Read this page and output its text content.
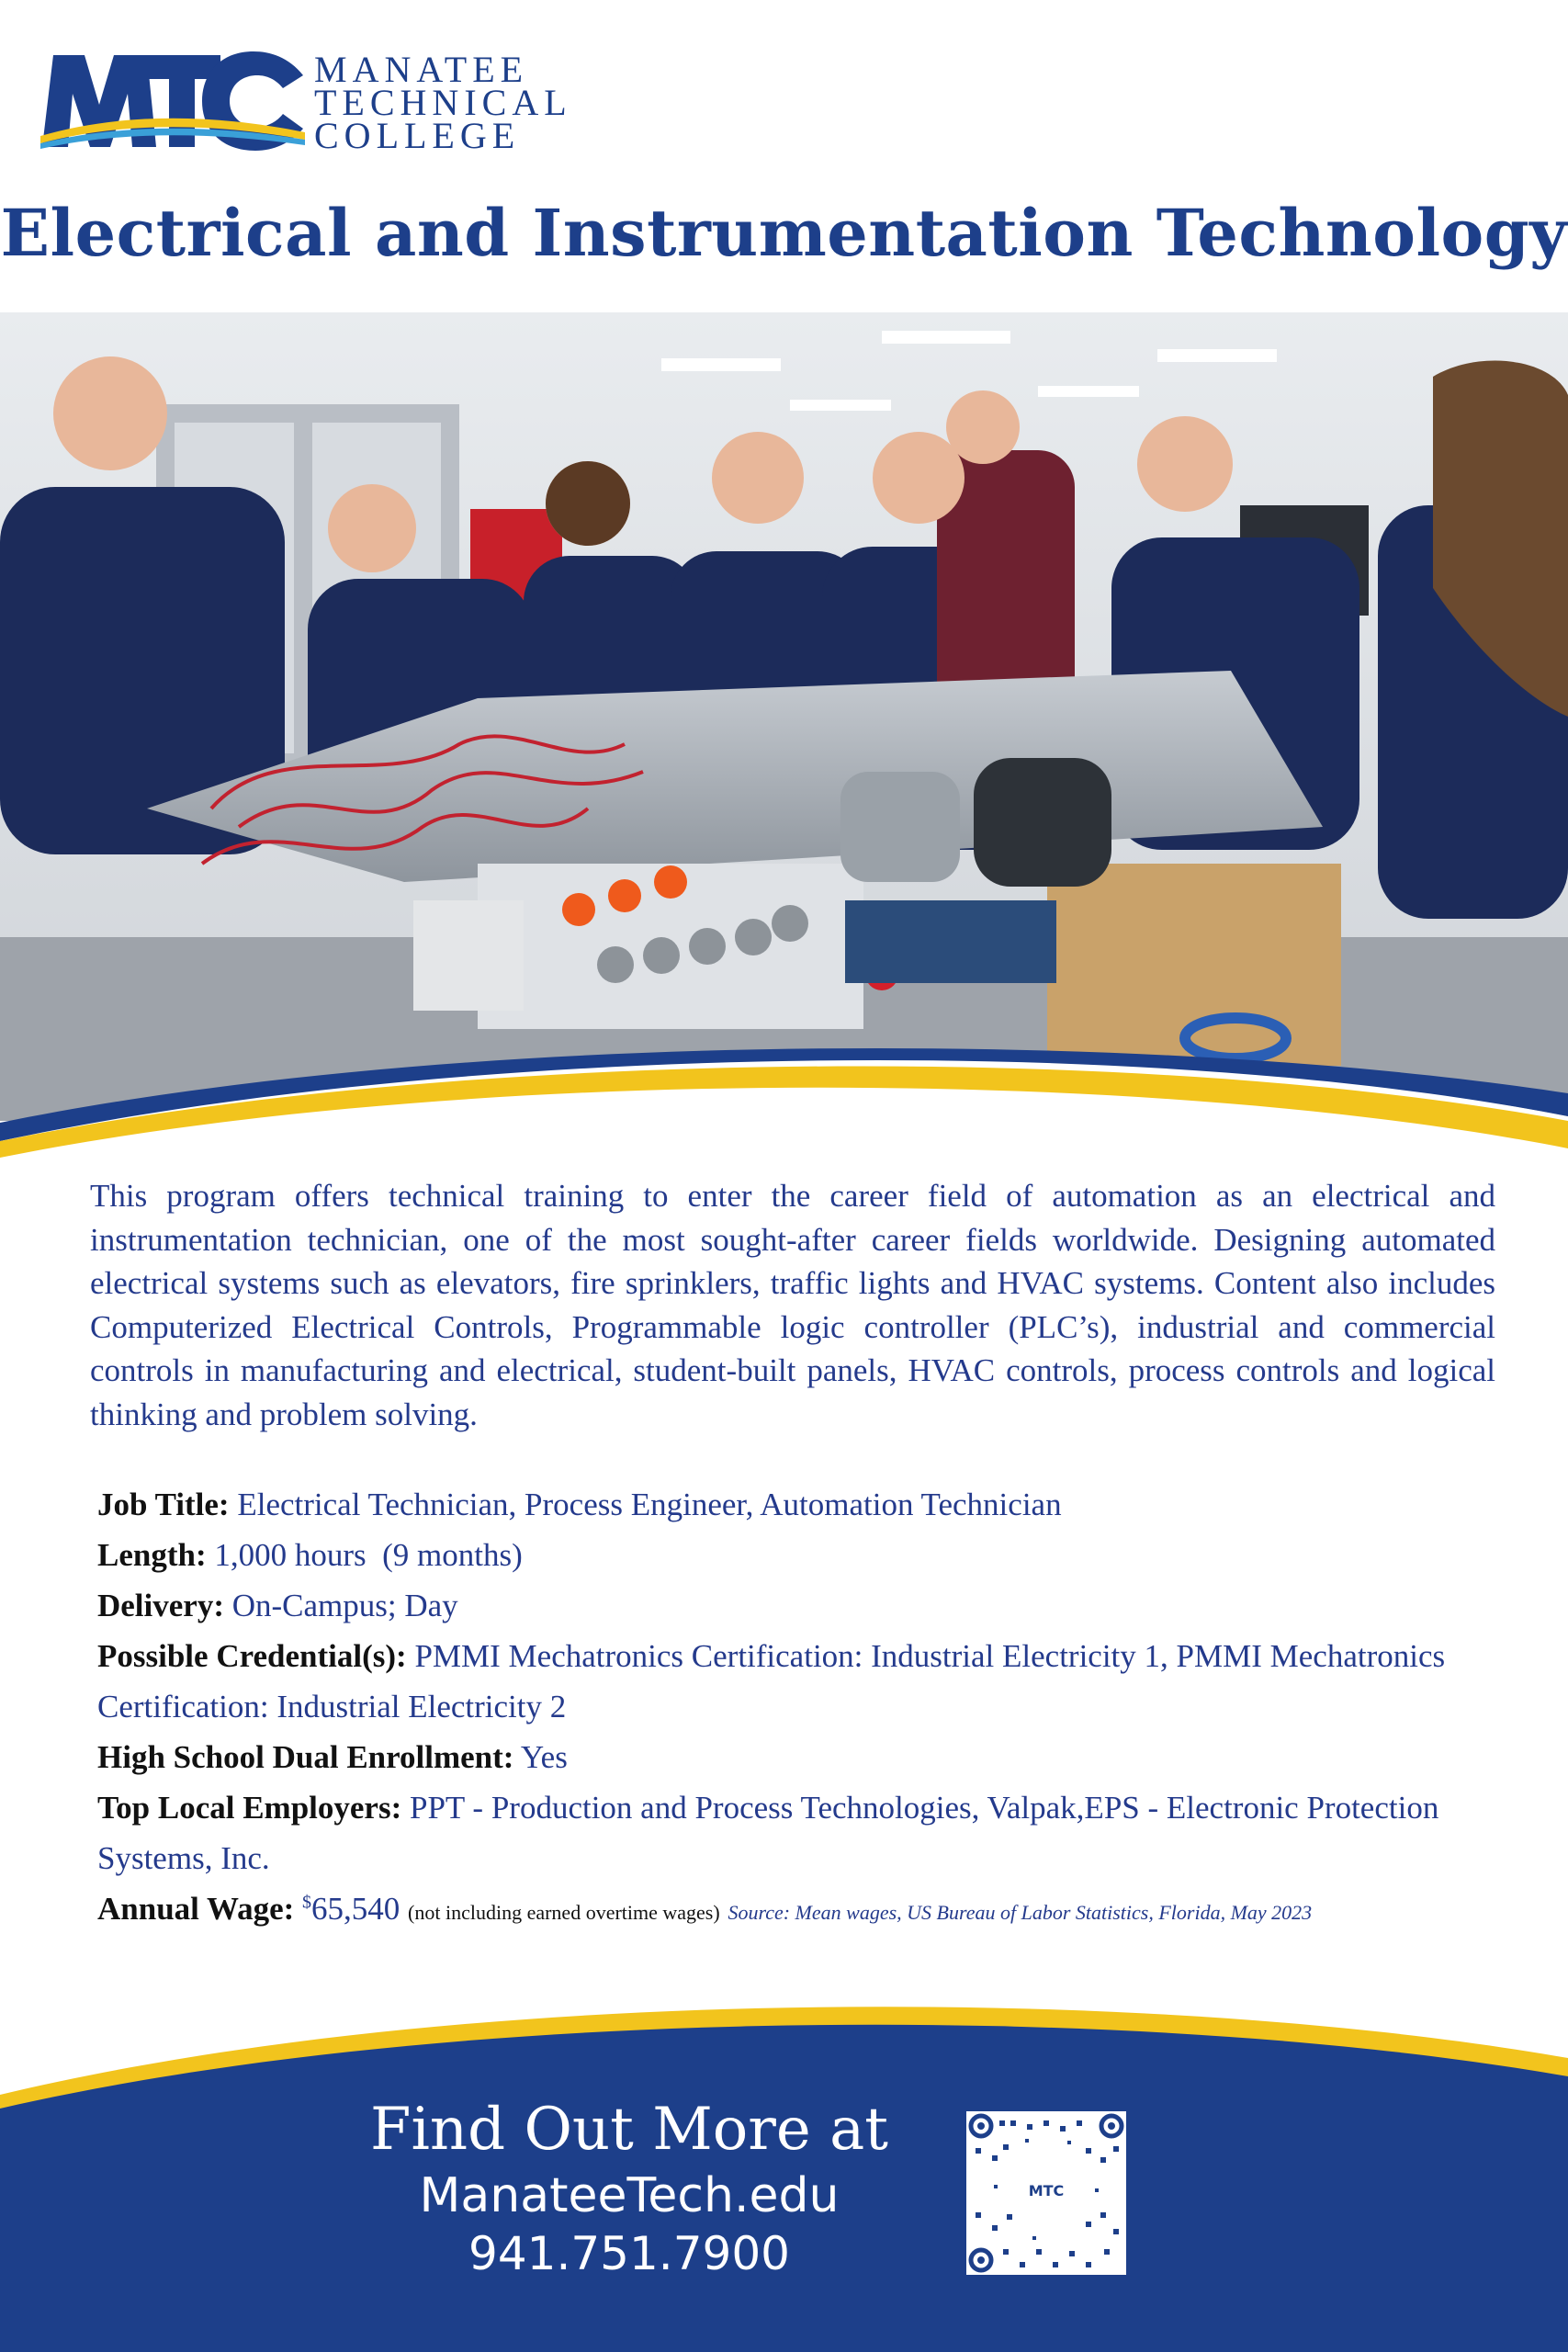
MANATEE
TECHNICAL
COLLEGE
Electrical and Instrumentation Technology
This program offers technical training to enter the career field of automation as an electrical and instrumentation technician, one of the most sought-after career fields worldwide. Designing automated electrical systems such as elevators, fire sprinklers, traffic lights and HVAC systems. Content also includes Computerized Electrical Controls, Programmable logic controller (PLC’s), industrial and commercial controls in manufacturing and electrical, student-built panels, HVAC controls, process controls and logical thinking and problem solving.
Job Title: Electrical Technician, Process Engineer, Automation Technician
Length: 1,000 hours  (9 months)
Delivery: On-Campus; Day
Possible Credential(s): PMMI Mechatronics Certification: Industrial Electricity 1, PMMI Mechatronics Certification: Industrial Electricity 2
High School Dual Enrollment: Yes
Top Local Employers: PPT - Production and Process Technologies, Valpak,EPS - Electronic Protection Systems, Inc.
Annual Wage: $65,540 (not including earned overtime wages) Source: Mean wages, US Bureau of Labor Statistics, Florida, May 2023
Find Out More at
ManateeTech.edu
941.751.7900
MTC
